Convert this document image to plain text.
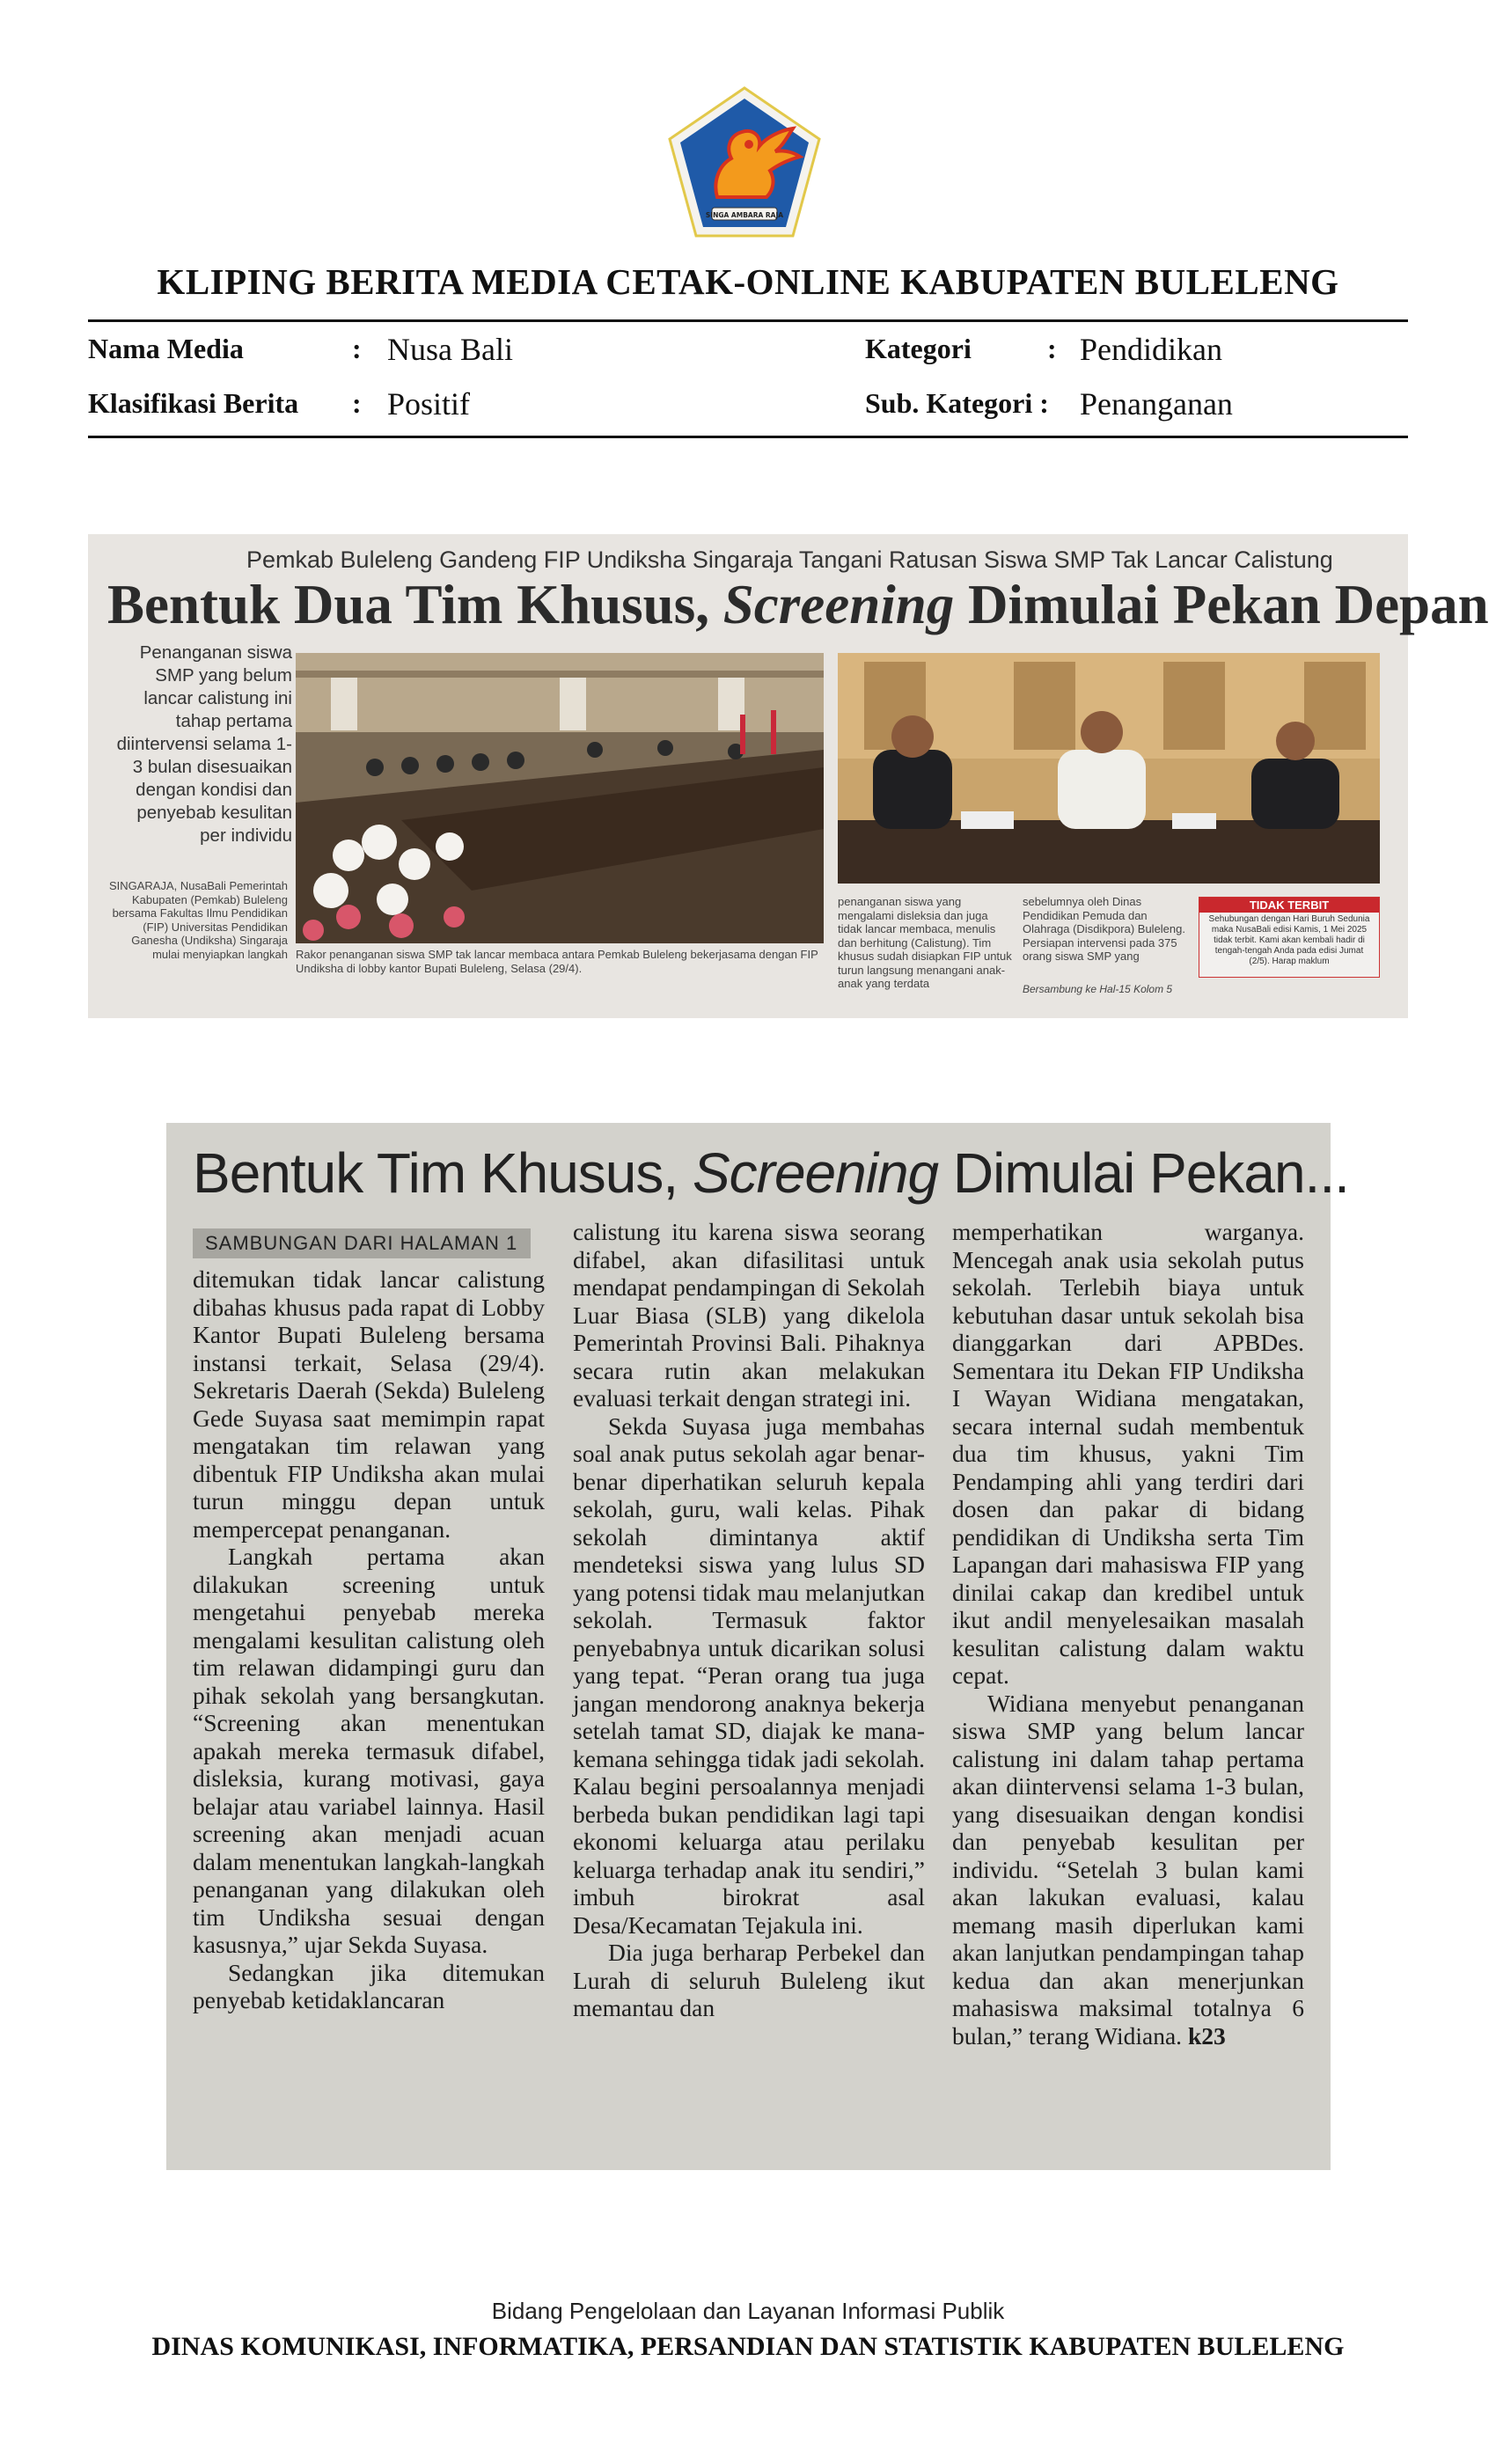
SINGA AMBARA RAJA
KLIPING BERITA MEDIA CETAK-ONLINE KABUPATEN BULELENG
Nama Media	: Nusa Bali	Kategori	: Pendidikan
Klasifikasi Berita : Positif	Sub. Kategori : Penanganan
Pemkab Buleleng Gandeng FIP Undiksha Singaraja Tangani Ratusan Siswa SMP Tak Lancar Calistung
Bentuk Dua Tim Khusus, Screening Dimulai Pekan Depan
Penanganan siswa SMP yang belum lancar calistung ini tahap pertama diintervensi selama 1-3 bulan disesuaikan dengan kondisi dan penyebab kesulitan per individu
SINGARAJA, NusaBali Pemerintah Kabupaten (Pemkab) Buleleng bersama Fakultas Ilmu Pendidikan (FIP) Universitas Pendidikan Ganesha (Undiksha) Singaraja mulai menyiapkan langkah Rakor penanganan siswa SMP tak lancar membaca antara Pemkab Buleleng bekerjasama dengan FIP Undiksha di lobby kantor Bupati Buleleng, Selasa (29/4).
penanganan siswa yang mengalami disleksia dan juga tidak lancar membaca, menulis dan berhitung (Calistung). Tim khusus sudah disiapkan FIP untuk turun langsung menangani anak-anak yang terdata
sebelumnya oleh Dinas Pendidikan Pemuda dan Olahraga (Disdikpora) Buleleng. Persiapan intervensi pada 375 orang siswa SMP yang
Bersambung ke Hal-15 Kolom 5
TIDAK TERBIT
Sehubungan dengan Hari Buruh Sedunia maka NusaBali edisi Kamis, 1 Mei 2025 tidak terbit. Kami akan kembali hadir di tengah-tengah Anda pada edisi Jumat (2/5). Harap maklum
Bentuk Tim Khusus, Screening Dimulai Pekan...
SAMBUNGAN DARI HALAMAN 1

ditemukan tidak lancar calistung dibahas khusus pada rapat di Lobby Kantor Bupati Buleleng bersama instansi terkait, Selasa (29/4). Sekretaris Daerah (Sekda) Buleleng Gede Suyasa saat memimpin rapat mengatakan tim relawan yang dibentuk FIP Undiksha akan mulai turun minggu depan untuk mempercepat penanganan.

Langkah pertama akan dilakukan screening untuk mengetahui penyebab mereka mengalami kesulitan calistung oleh tim relawan didampingi guru dan pihak sekolah yang bersangkutan. “Screening akan menentukan apakah mereka termasuk difabel, disleksia, kurang motivasi, gaya belajar atau variabel lainnya. Hasil screening akan menjadi acuan dalam menentukan langkah-langkah penanganan yang dilakukan oleh tim Undiksha sesuai dengan kasusnya,” ujar Sekda Suyasa.

Sedangkan jika ditemukan penyebab ketidaklancaran

calistung itu karena siswa seorang difabel, akan difasilitasi untuk mendapat pendampingan di Sekolah Luar Biasa (SLB) yang dikelola Pemerintah Provinsi Bali. Pihaknya secara rutin akan melakukan evaluasi terkait dengan strategi ini.

Sekda Suyasa juga membahas soal anak putus sekolah agar benar-benar diperhatikan seluruh kepala sekolah, guru, wali kelas. Pihak sekolah dimintanya aktif mendeteksi siswa yang lulus SD yang potensi tidak mau melanjutkan sekolah. Termasuk faktor penyebabnya untuk dicarikan solusi yang tepat. “Peran orang tua juga jangan mendorong anaknya bekerja setelah tamat SD, diajak ke mana-kemana sehingga tidak jadi sekolah. Kalau begini persoalannya menjadi berbeda bukan pendidikan lagi tapi ekonomi keluarga atau perilaku keluarga terhadap anak itu sendiri,” imbuh birokrat asal Desa/Kecamatan Tejakula ini.

Dia juga berharap Perbekel dan Lurah di seluruh Buleleng ikut memantau dan

memperhatikan warganya. Mencegah anak usia sekolah putus sekolah. Terlebih biaya untuk kebutuhan dasar untuk sekolah bisa dianggarkan dari APBDes. Sementara itu Dekan FIP Undiksha I Wayan Widiana mengatakan, secara internal sudah membentuk dua tim khusus, yakni Tim Pendamping ahli yang terdiri dari dosen dan pakar di bidang pendidikan di Undiksha serta Tim Lapangan dari mahasiswa FIP yang dinilai cakap dan kredibel untuk ikut andil menyelesaikan masalah kesulitan calistung dalam waktu cepat.

Widiana menyebut penanganan siswa SMP yang belum lancar calistung ini dalam tahap pertama akan diintervensi selama 1-3 bulan, yang disesuaikan dengan kondisi dan penyebab kesulitan per individu. “Setelah 3 bulan kami akan lakukan evaluasi, kalau memang masih diperlukan kami akan lanjutkan pendampingan tahap kedua dan akan menerjunkan mahasiswa maksimal totalnya 6 bulan,” terang Widiana. k23

Bidang Pengelolaan dan Layanan Informasi Publik
DINAS KOMUNIKASI, INFORMATIKA, PERSANDIAN DAN STATISTIK KABUPATEN BULELENG
